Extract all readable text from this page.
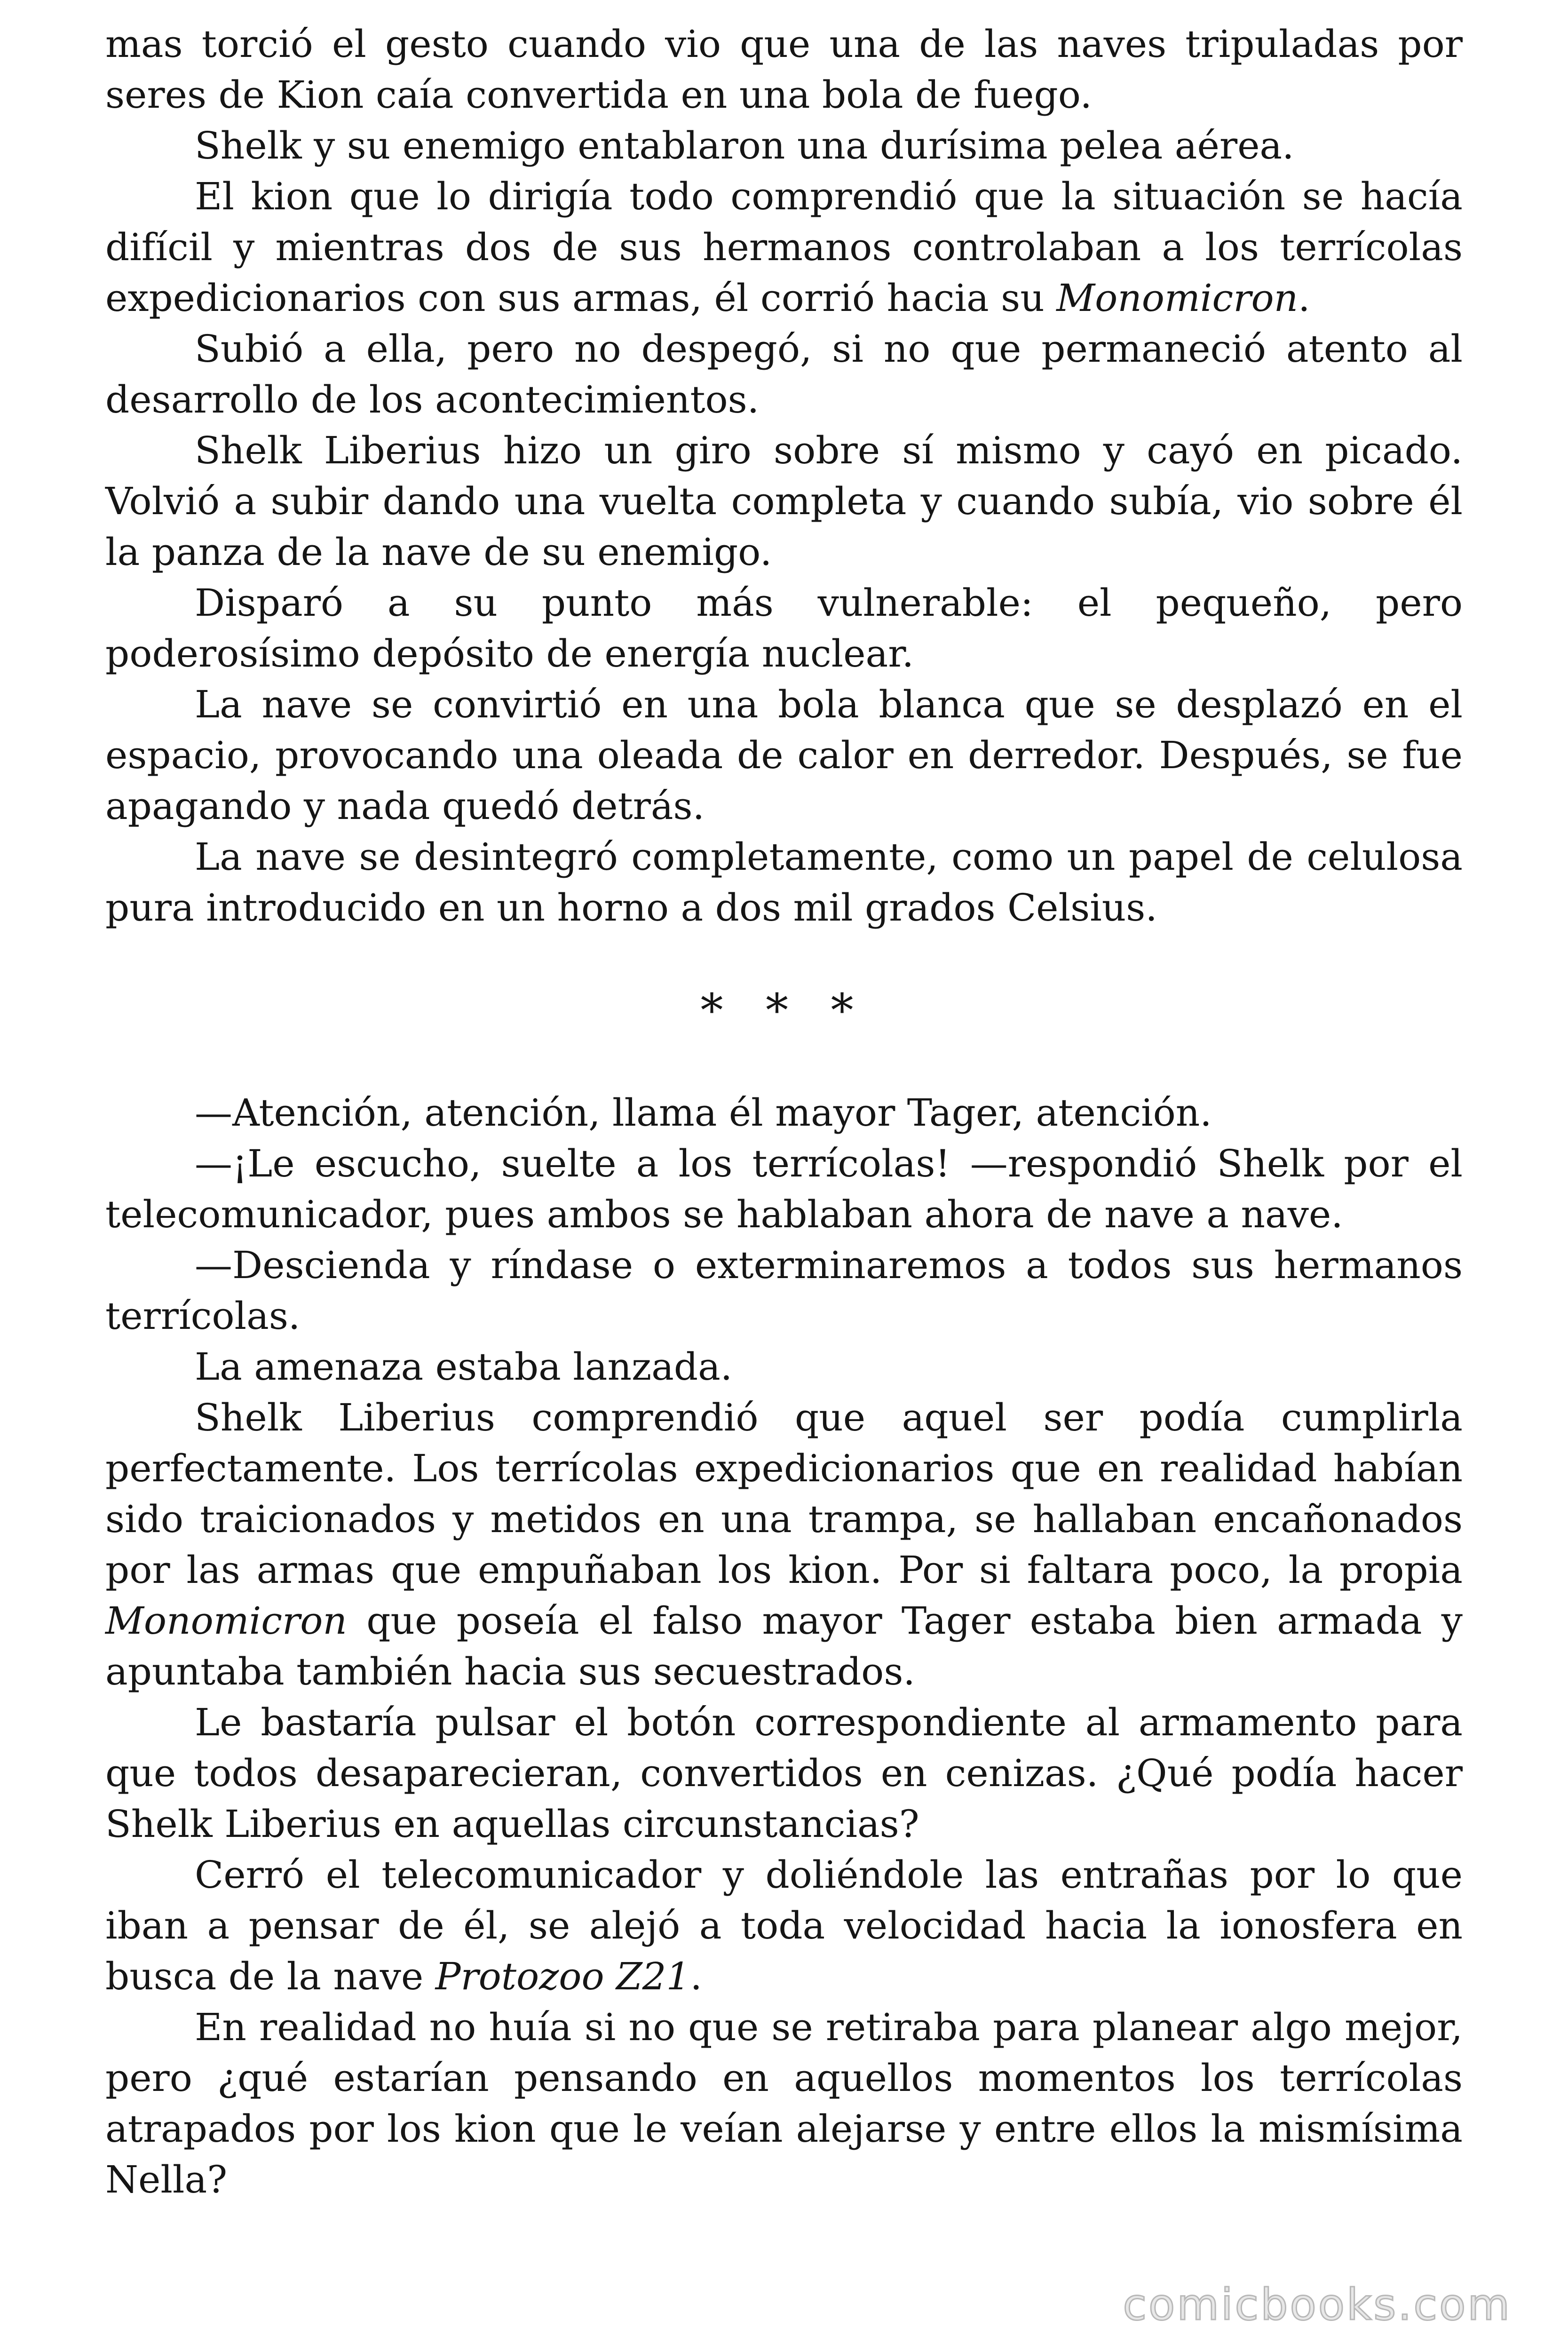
mas torció el gesto cuando vio que una de las naves tripuladas por seres de Kion caía convertida en una bola de fuego.

Shelk y su enemigo entablaron una durísima pelea aérea.

El kion que lo dirigía todo comprendió que la situación se hacía difícil y mientras dos de sus hermanos controlaban a los terrícolas expedicionarios con sus armas, él corrió hacia su Monomicron.

Subió a ella, pero no despegó, si no que permaneció atento al desarrollo de los acontecimientos.

Shelk Liberius hizo un giro sobre sí mismo y cayó en picado. Volvió a subir dando una vuelta completa y cuando subía, vio sobre él la panza de la nave de su enemigo.

Disparó a su punto más vulnerable: el pequeño, pero poderosísimo depósito de energía nuclear.

La nave se convirtió en una bola blanca que se desplazó en el espacio, provocando una oleada de calor en derredor. Después, se fue apagando y nada quedó detrás.

La nave se desintegró completamente, como un papel de celulosa pura introducido en un horno a dos mil grados Celsius.

* * *

—Atención, atención, llama él mayor Tager, atención.

—¡Le escucho, suelte a los terrícolas! —respondió Shelk por el telecomunicador, pues ambos se hablaban ahora de nave a nave.

—Descienda y ríndase o exterminaremos a todos sus hermanos terrícolas.

La amenaza estaba lanzada.

Shelk Liberius comprendió que aquel ser podía cumplirla perfectamente. Los terrícolas expedicionarios que en realidad habían sido traicionados y metidos en una trampa, se hallaban encañonados por las armas que empuñaban los kion. Por si faltara poco, la propia Monomicron que poseía el falso mayor Tager estaba bien armada y apuntaba también hacia sus secuestrados.

Le bastaría pulsar el botón correspondiente al armamento para que todos desaparecieran, convertidos en cenizas. ¿Qué podía hacer Shelk Liberius en aquellas circunstancias?

Cerró el telecomunicador y doliéndole las entrañas por lo que iban a pensar de él, se alejó a toda velocidad hacia la ionosfera en busca de la nave Protozoo Z21.

En realidad no huía si no que se retiraba para planear algo mejor, pero ¿qué estarían pensando en aquellos momentos los terrícolas atrapados por los kion que le veían alejarse y entre ellos la mismísima Nella?

comicbooks.com
